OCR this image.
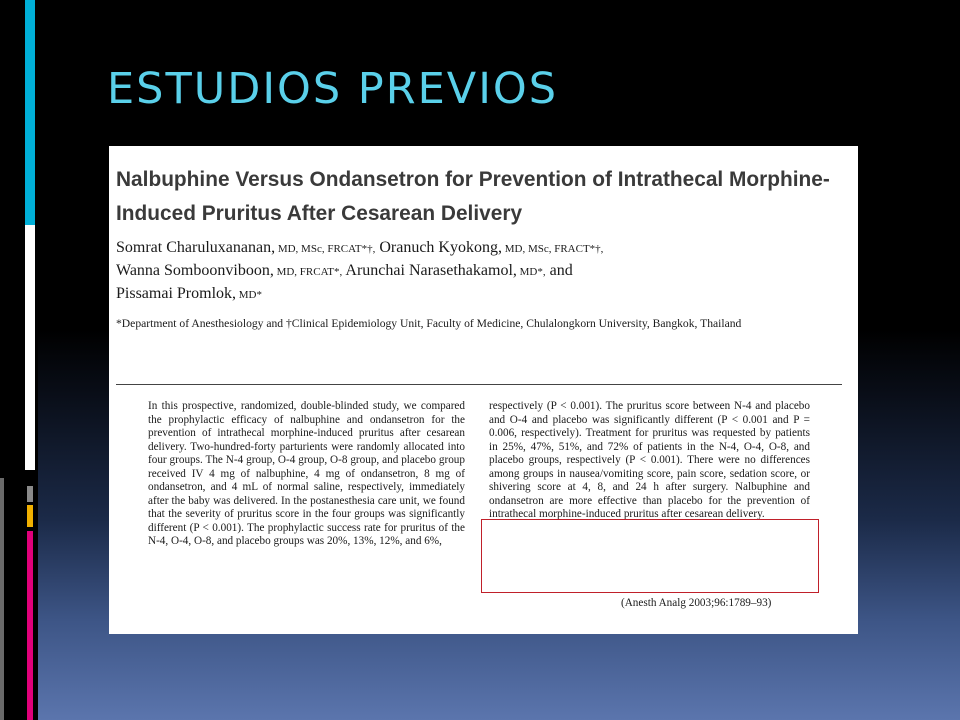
ESTUDIOS PREVIOS
Nalbuphine Versus Ondansetron for Prevention of Intrathecal Morphine-Induced Pruritus After Cesarean Delivery

Somrat Charuluxananan, MD, MSc, FRCAT*†, Oranuch Kyokong, MD, MSc, FRACT*†,
Wanna Somboonviboon, MD, FRCAT*, Arunchai Narasethakamol, MD*, and
Pissamai Promlok, MD*

*Department of Anesthesiology and †Clinical Epidemiology Unit, Faculty of Medicine, Chulalongkorn University, Bangkok, Thailand

In this prospective, randomized, double-blinded study, we compared the prophylactic efficacy of nalbuphine and ondansetron for the prevention of intrathecal morphine-induced pruritus after cesarean delivery. Two-hundred-forty parturients were randomly allocated into four groups. The N-4 group, O-4 group, O-8 group, and placebo group received IV 4 mg of nalbuphine, 4 mg of ondansetron, 8 mg of ondansetron, and 4 mL of normal saline, respectively, immediately after the baby was delivered. In the postanesthesia care unit, we found that the severity of pruritus score in the four groups was significantly different (P < 0.001). The prophylactic success rate for pruritus of the N-4, O-4, O-8, and placebo groups was 20%, 13%, 12%, and 6%,

respectively (P < 0.001). The pruritus score between N-4 and placebo and O-4 and placebo was significantly different (P < 0.001 and P = 0.006, respectively). Treatment for pruritus was requested by patients in 25%, 47%, 51%, and 72% of patients in the N-4, O-4, O-8, and placebo groups, respectively (P < 0.001). There were no differences among groups in nausea/vomiting score, pain score, sedation score, or shivering score at 4, 8, and 24 h after surgery. Nalbuphine and ondansetron are more effective than placebo for the prevention of intrathecal morphine-induced pruritus after cesarean delivery.

(Anesth Analg 2003;96:1789–93)
